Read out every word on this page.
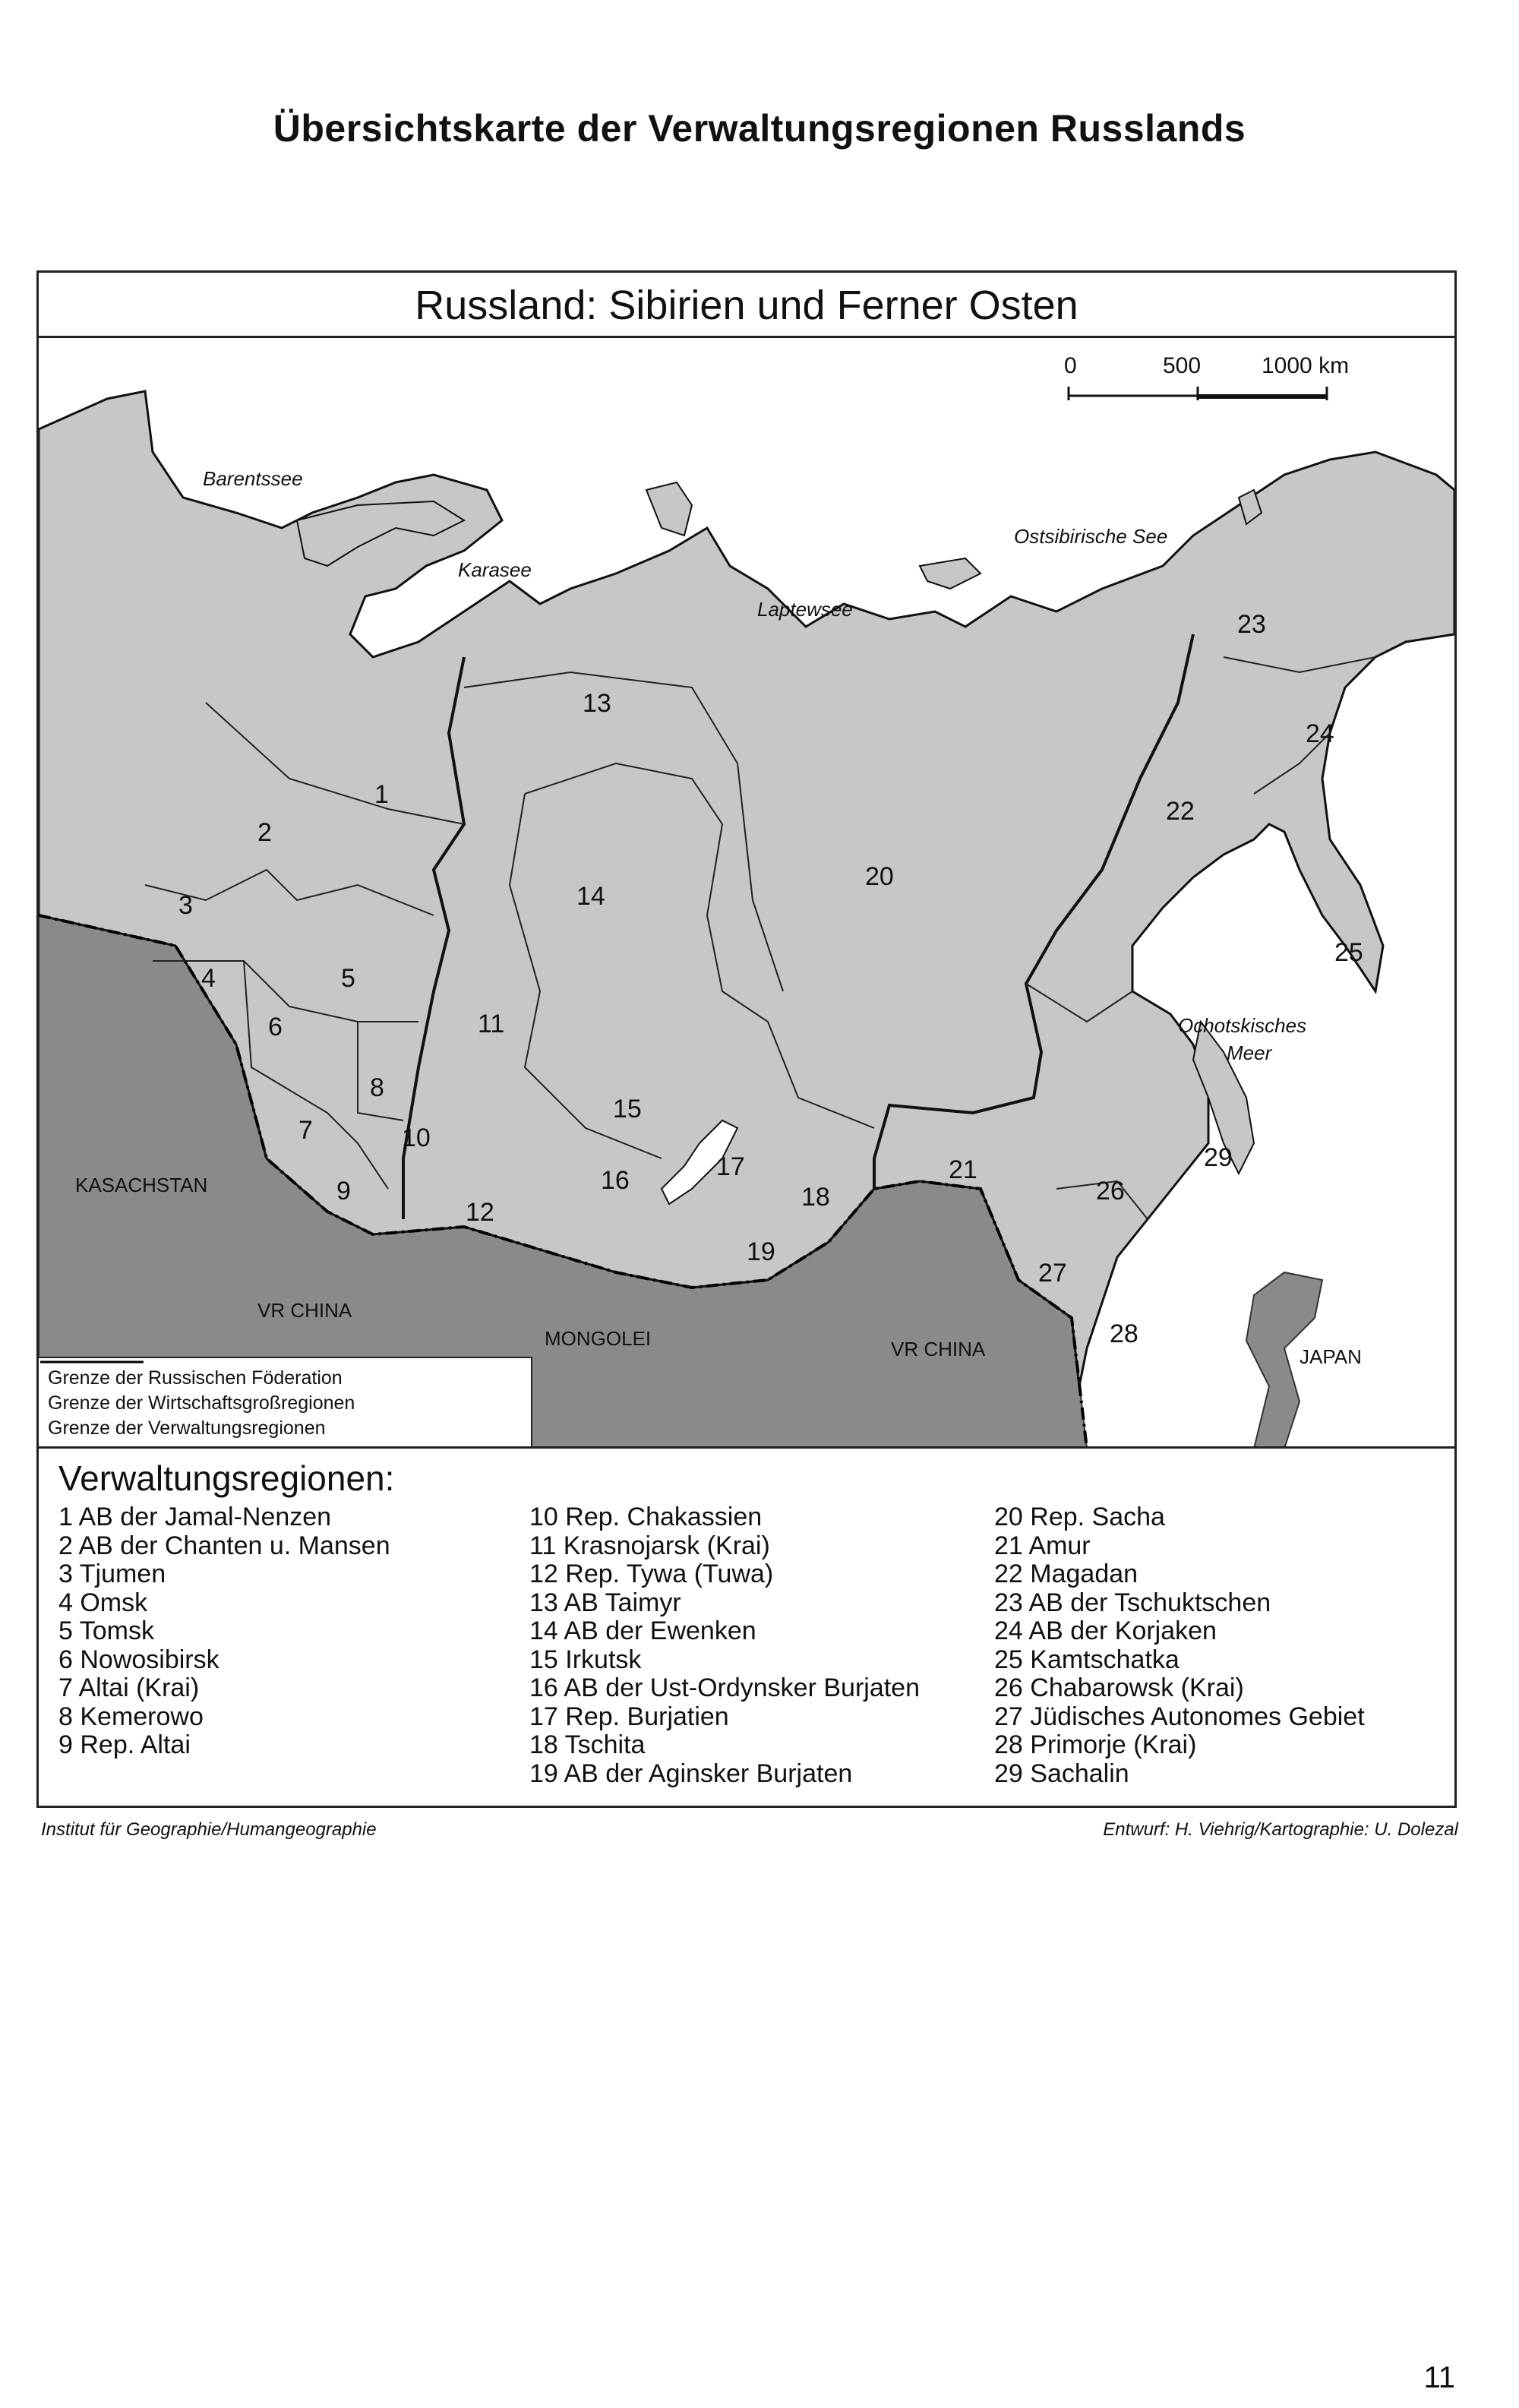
Übersichtskarte der Verwaltungsregionen Russlands
Russland: Sibirien und Ferner Osten
0	500	1000 km
Barentssee
Karasee
Laptewsee
Ostsibirische See
Ochotskisches
Meer
KASACHSTAN
VR CHINA
MONGOLEI	VR CHINA	JAPAN
1
2
3
4	5
6
7
8
9
10
11
12
13
14
15
16	17
18
19
20
21
22
23
24
25
26
27
28
29
Grenze der Russischen Föderation
Grenze der Wirtschaftsgroßregionen
Grenze der Verwaltungsregionen
Verwaltungsregionen:
1 AB der Jamal-Nenzen
2 AB der Chanten u. Mansen
3 Tjumen
4 Omsk
5 Tomsk
6 Nowosibirsk
7 Altai (Krai)
8 Kemerowo
9 Rep. Altai
10 Rep. Chakassien
11 Krasnojarsk (Krai)
12 Rep. Tywa (Tuwa)
13 AB Taimyr
14 AB der Ewenken
15 Irkutsk
16 AB der Ust-Ordynsker Burjaten
17 Rep. Burjatien
18 Tschita
19 AB der Aginsker Burjaten
20 Rep. Sacha
21 Amur
22 Magadan
23 AB der Tschuktschen
24 AB der Korjaken
25 Kamtschatka
26 Chabarowsk (Krai)
27 Jüdisches Autonomes Gebiet
28 Primorje (Krai)
29 Sachalin
Institut für Geographie/Humangeographie	Entwurf: H. Viehrig/Kartographie: U. Dolezal
11
